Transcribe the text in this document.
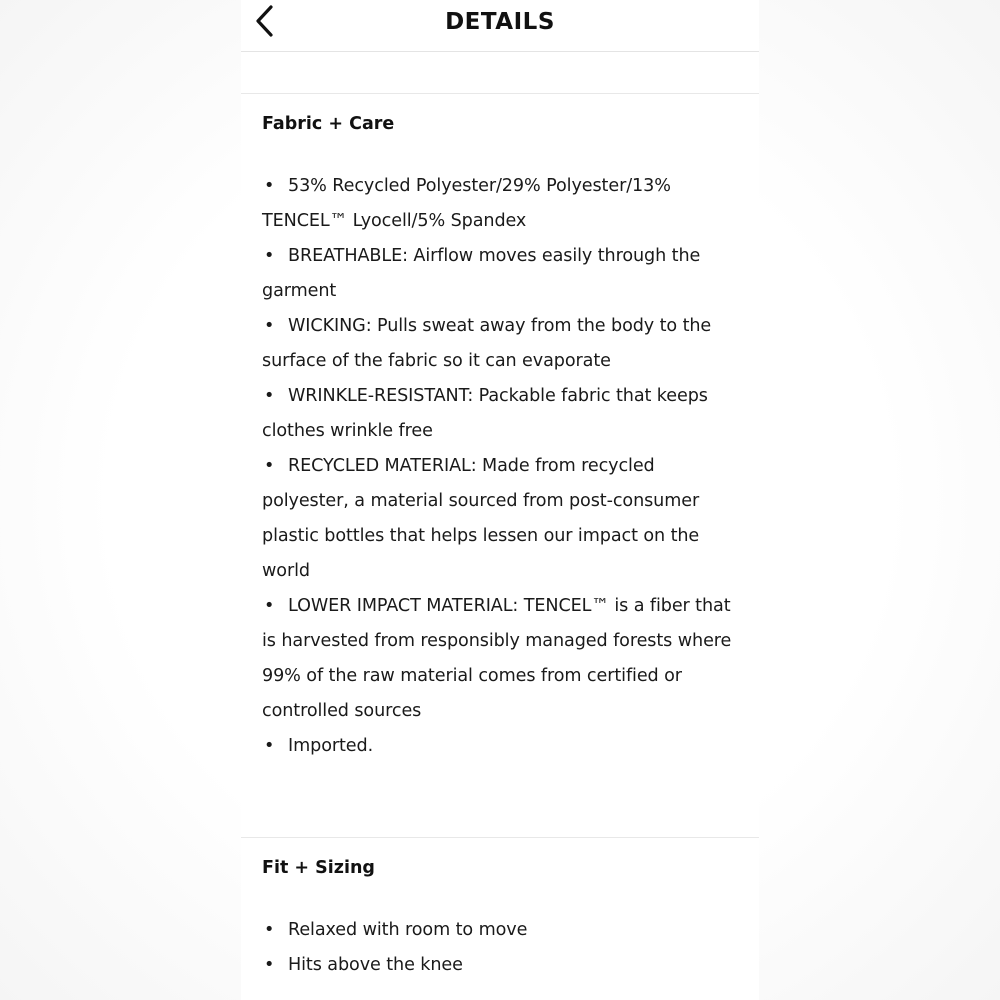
DETAILS
Fabric + Care
• 53% Recycled Polyester/29% Polyester/13% TENCEL™ Lyocell/5% Spandex
• BREATHABLE: Airflow moves easily through the garment
• WICKING: Pulls sweat away from the body to the surface of the fabric so it can evaporate
• WRINKLE-RESISTANT: Packable fabric that keeps clothes wrinkle free
• RECYCLED MATERIAL: Made from recycled polyester, a material sourced from post-consumer plastic bottles that helps lessen our impact on the world
• LOWER IMPACT MATERIAL: TENCEL™ is a fiber that is harvested from responsibly managed forests where 99% of the raw material comes from certified or controlled sources
• Imported.
Fit + Sizing
• Relaxed with room to move
• Hits above the knee
